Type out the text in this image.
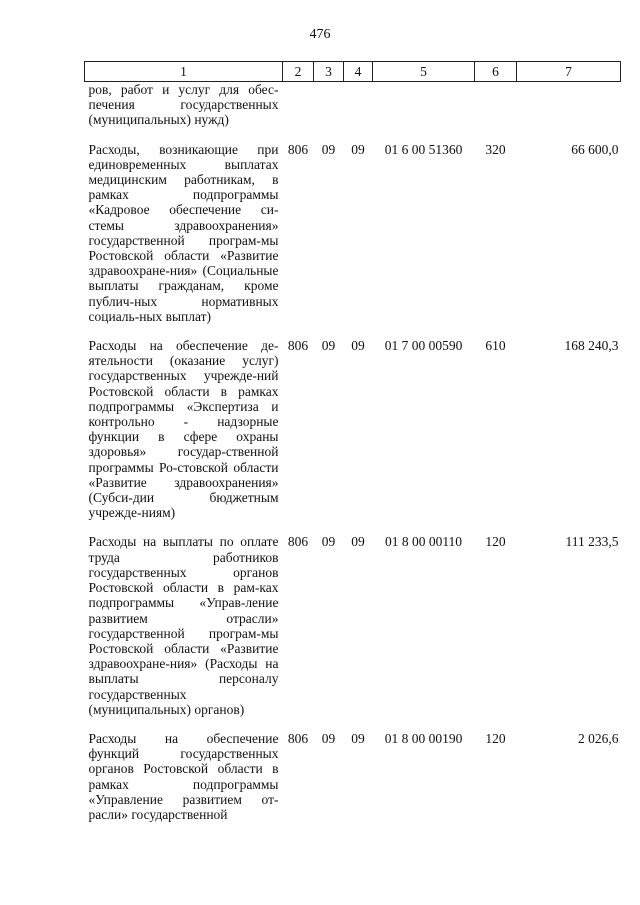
476
1	2	3	4	5	6	7
ров, работ и услуг для обес-печения государственных (муниципальных) нужд)						
Расходы, возникающие при единовременных выплатах медицинским работникам, в рамках подпрограммы «Кадровое обеспечение си-стемы здравоохранения» государственной програм-мы Ростовской области «Развитие здравоохране-ния» (Социальные выплаты гражданам, кроме публич-ных нормативных социаль-ных выплат)	806	09	09	01 6 00 51360	320	66 600,0
Расходы на обеспечение де-ятельности (оказание услуг) государственных учрежде-ний Ростовской области в рамках подпрограммы «Экспертиза и контрольно - надзорные функции в сфере охраны здоровья» государ-ственной программы Ро-стовской области «Развитие здравоохранения» (Субси-дии бюджетным учрежде-ниям)	806	09	09	01 7 00 00590	610	168 240,3
Расходы на выплаты по оплате труда работников государственных органов Ростовской области в рам-ках подпрограммы «Управ-ление развитием отрасли» государственной програм-мы Ростовской области «Развитие здравоохране-ния» (Расходы на выплаты персоналу государственных (муниципальных) органов)	806	09	09	01 8 00 00110	120	111 233,5
Расходы на обеспечение функций государственных органов Ростовской области в рамках подпрограммы «Управление развитием от-расли» государственной	806	09	09	01 8 00 00190	120	2 026,6
